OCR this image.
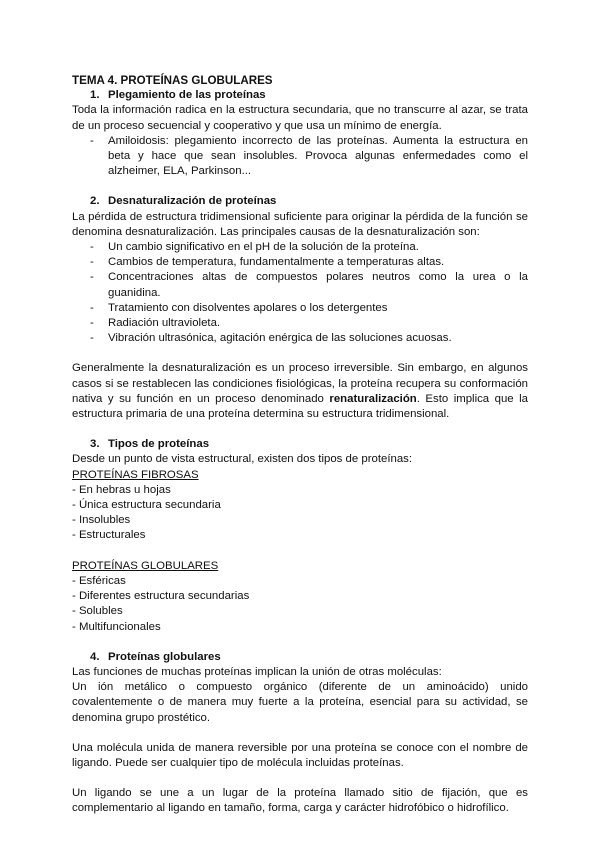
TEMA 4. PROTEÍNAS GLOBULARES
1. Plegamiento de las proteínas

Toda la información radica en la estructura secundaria, que no transcurre al azar, se trata de un proceso secuencial y cooperativo y que usa un mínimo de energía.

- Amiloidosis: plegamiento incorrecto de las proteínas. Aumenta la estructura en beta y hace que sean insolubles. Provoca algunas enfermedades como el alzheimer, ELA, Parkinson...
2. Desnaturalización de proteínas

La pérdida de estructura tridimensional suficiente para originar la pérdida de la función se denomina desnaturalización. Las principales causas de la desnaturalización son:

- Un cambio significativo en el pH de la solución de la proteína.
- Cambios de temperatura, fundamentalmente a temperaturas altas.
- Concentraciones altas de compuestos polares neutros como la urea o la guanidina.
- Tratamiento con disolventes apolares o los detergentes
- Radiación ultravioleta.
- Vibración ultrasónica, agitación enérgica de las soluciones acuosas.

Generalmente la desnaturalización es un proceso irreversible. Sin embargo, en algunos casos si se restablecen las condiciones fisiológicas, la proteína recupera su conformación nativa y su función en un proceso denominado renaturalización. Esto implica que la estructura primaria de una proteína determina su estructura tridimensional.

3. Tipos de proteínas

Desde un punto de vista estructural, existen dos tipos de proteínas:

PROTEÍNAS FIBROSAS
- En hebras u hojas
- Única estructura secundaria
- Insolubles
- Estructurales
PROTEÍNAS GLOBULARES
- Esféricas
- Diferentes estructura secundarias
- Solubles
- Multifuncionales
4. Proteínas globulares

Las funciones de muchas proteínas implican la unión de otras moléculas:

Un ión metálico o compuesto orgánico (diferente de un aminoácido) unido covalentemente o de manera muy fuerte a la proteína, esencial para su actividad, se denomina grupo prostético.

Una molécula unida de manera reversible por una proteína se conoce con el nombre de ligando. Puede ser cualquier tipo de molécula incluidas proteínas.

Un ligando se une a un lugar de la proteína llamado sitio de fijación, que es complementario al ligando en tamaño, forma, carga y carácter hidrofóbico o hidrofílico.
